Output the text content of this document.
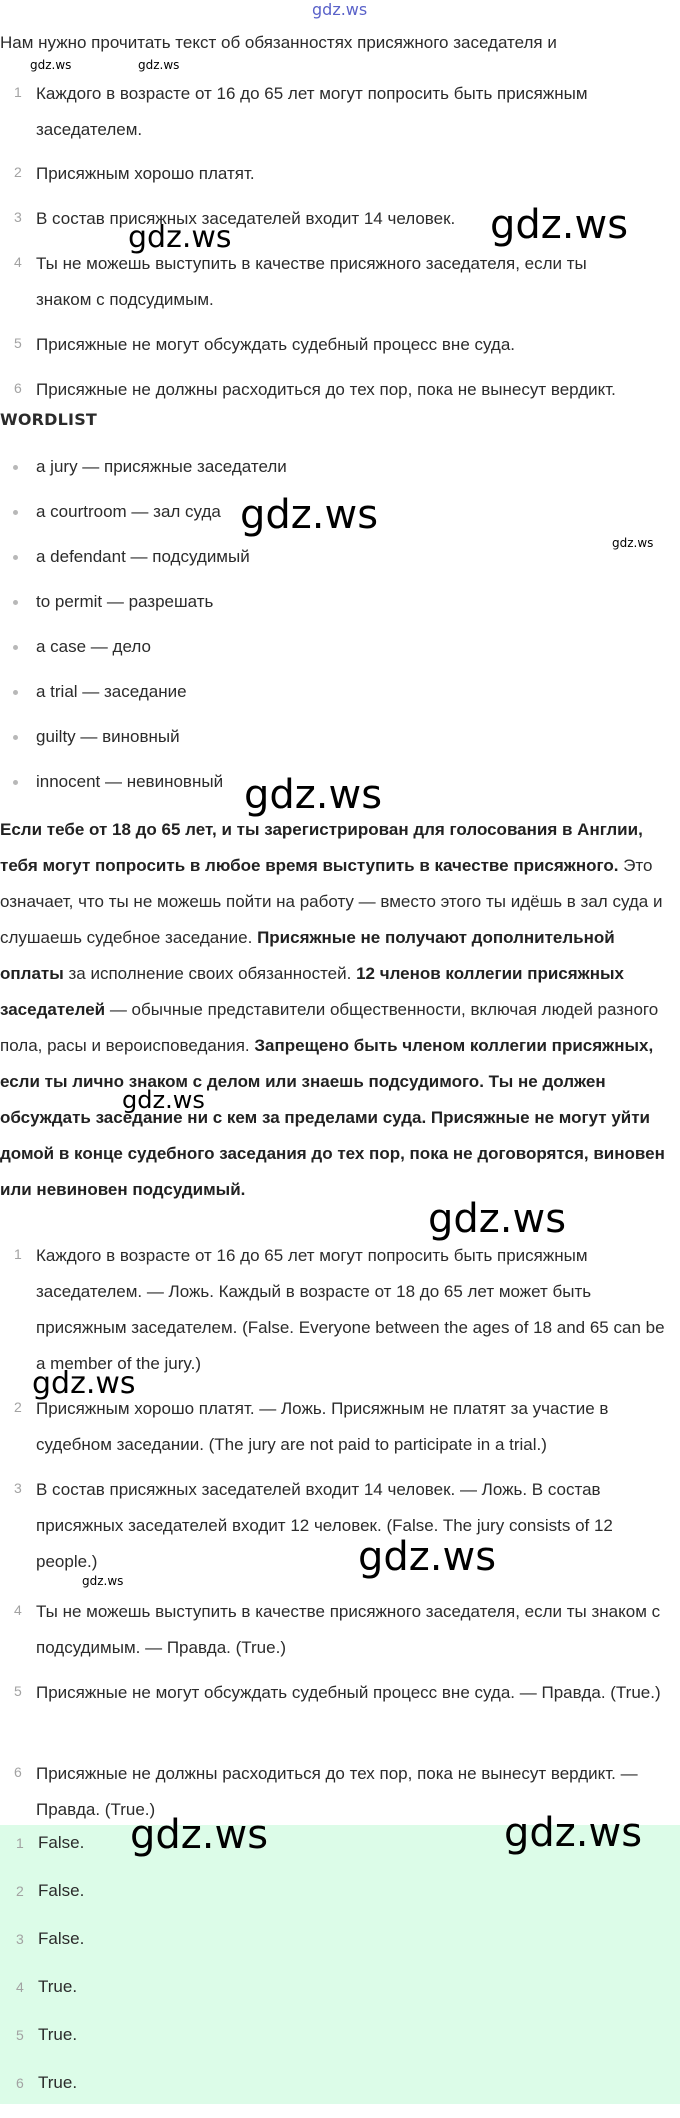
Нам нужно прочитать текст об обязанностях присяжного заседателя и
WORDLIST
a jury — присяжные заседатели
a courtroom — зал суда
a defendant — подсудимый
to permit — разрешать
a case — дело
a trial — заседание
guilty — виновный
innocent — невиновный
Если тебе от 18 до 65 лет, и ты зарегистрирован для голосования в Англии, тебя могут попросить в любое время выступить в качестве присяжного. Это означает, что ты не можешь пойти на работу — вместо этого ты идёшь в зал суда и слушаешь судебное заседание. Присяжные не получают дополнительной оплаты за исполнение своих обязанностей. 12 членов коллегии присяжных заседателей — обычные представители общественности, включая людей разного пола, расы и вероисповедания. Запрещено быть членом коллегии присяжных, если ты лично знаком с делом или знаешь подсудимого. Ты не должен обсуждать заседание ни с кем за пределами суда. Присяжные не могут уйти домой в конце судебного заседания до тех пор, пока не договорятся, виновен или невиновен подсудимый.
1 False.
2 False.
3 False.
4 True.
5 True.
6 True.
1 Каждого в возрасте от 16 до 65 лет могут попросить быть присяжным заседателем.
2 Присяжным хорошо платят.
3 В состав присяжных заседателей входит 14 человек.
4 Ты не можешь выступить в качестве присяжного заседателя, если ты знаком с подсудимым.
5 Присяжные не могут обсуждать судебный процесс вне суда.
6 Присяжные не должны расходиться до тех пор, пока не вынесут вердикт.
1 Каждого в возрасте от 16 до 65 лет могут попросить быть присяжным заседателем. — Ложь. Каждый в возрасте от 18 до 65 лет может быть присяжным заседателем. (False. Everyone between the ages of 18 and 65 can be a member of the jury.)
2 Присяжным хорошо платят. — Ложь. Присяжным не платят за участие в судебном заседании. (The jury are not paid to participate in a trial.)
3 В состав присяжных заседателей входит 14 человек. — Ложь. В состав присяжных заседателей входит 12 человек. (False. The jury consists of 12 people.)
4 Ты не можешь выступить в качестве присяжного заседателя, если ты знаком с подсудимым. — Правда. (True.)
5 Присяжные не могут обсуждать судебный процесс вне суда. — Правда. (True.)
6 Присяжные не должны расходиться до тех пор, пока не вынесут вердикт. — Правда. (True.)
gdz.ws
gdz.ws	gdz.ws
gdz.ws
gdz.ws
gdz.ws
gdz.ws
gdz.ws
gdz.ws
gdz.ws
gdz.ws
gdz.ws
gdz.ws
gdz.ws	gdz.ws
